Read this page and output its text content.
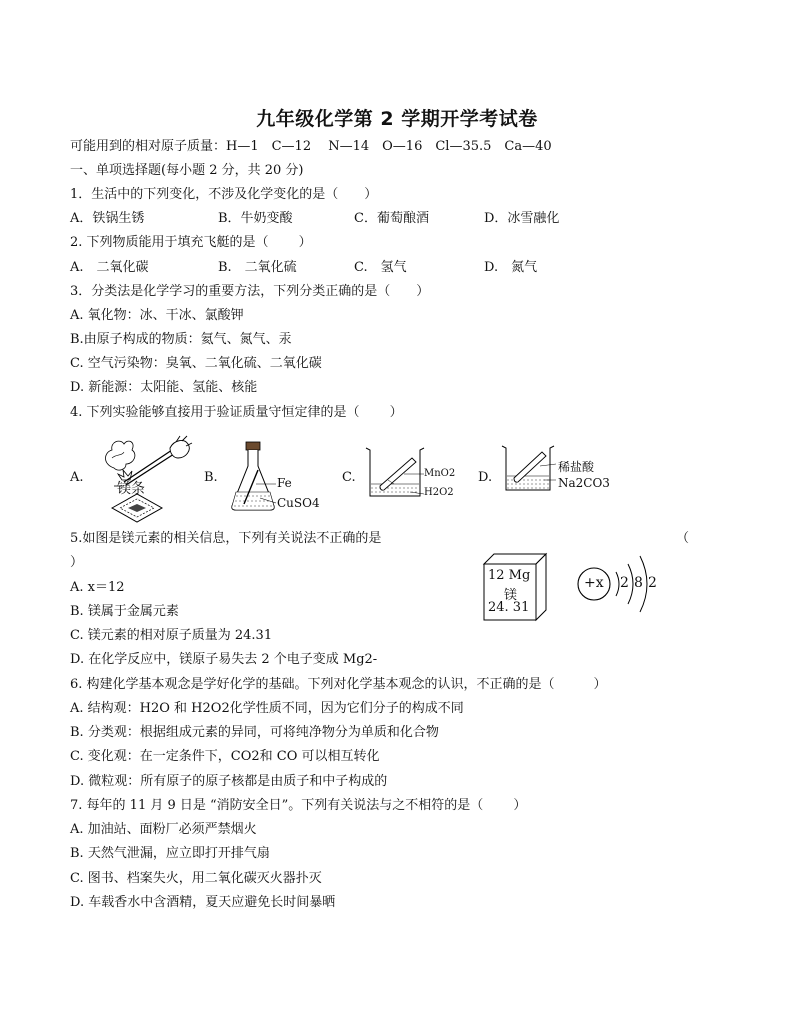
九年级化学第 2 学期开学考试卷
可能用到的相对原子质量：H—1　C—12　 N—14　O—16　Cl—35.5　Ca—40
一、单项选择题(每小题 2 分，共 20 分)
1．生活中的下列变化，不涉及化学变化的是（　　）
A．铁锅生锈	B．牛奶变酸	C．葡萄酿酒	D．冰雪融化
2. 下列物质能用于填充飞艇的是（　　 ）
A.　二氧化碳	B.　二氧化硫	C.　氢气	D.　氮气
3．分类法是化学学习的重要方法，下列分类正确的是（　　）
A. 氧化物：冰、干冰、氯酸钾
B.由原子构成的物质：氦气、氮气、汞
C. 空气污染物：臭氧、二氧化硫、二氧化碳
D. 新能源：太阳能、氢能、核能
4. 下列实验能够直接用于验证质量守恒定律的是（　　 ）
A.
镁条
B.	Fe
CuSO4
C.	MnO2
H2O2
D.
稀盐酸
Na2CO3
5.如图是镁元素的相关信息，下列有关说法不正确的是	（
）
A. x＝12
B. 镁属于金属元素
C. 镁元素的相对原子质量为 24.31
D. 在化学反应中，镁原子易失去 2 个电子变成 Mg2-
12 Mg
镁
24. 31
+x 2 8 2
6. 构建化学基本观念是学好化学的基础。下列对化学基本观念的认识，不正确的是（　　　）
A. 结构观：H2O 和 H2O2化学性质不同，因为它们分子的构成不同
B. 分类观：根据组成元素的异同，可将纯净物分为单质和化合物
C. 变化观：在一定条件下，CO2和 CO 可以相互转化
D. 微粒观：所有原子的原子核都是由质子和中子构成的
7. 每年的 11 月 9 日是 “消防安全日”。下列有关说法与之不相符的是（　　 ）
A. 加油站、面粉厂必须严禁烟火
B. 天然气泄漏，应立即打开排气扇
C. 图书、档案失火，用二氧化碳灭火器扑灭
D. 车载香水中含酒精，夏天应避免长时间暴晒
